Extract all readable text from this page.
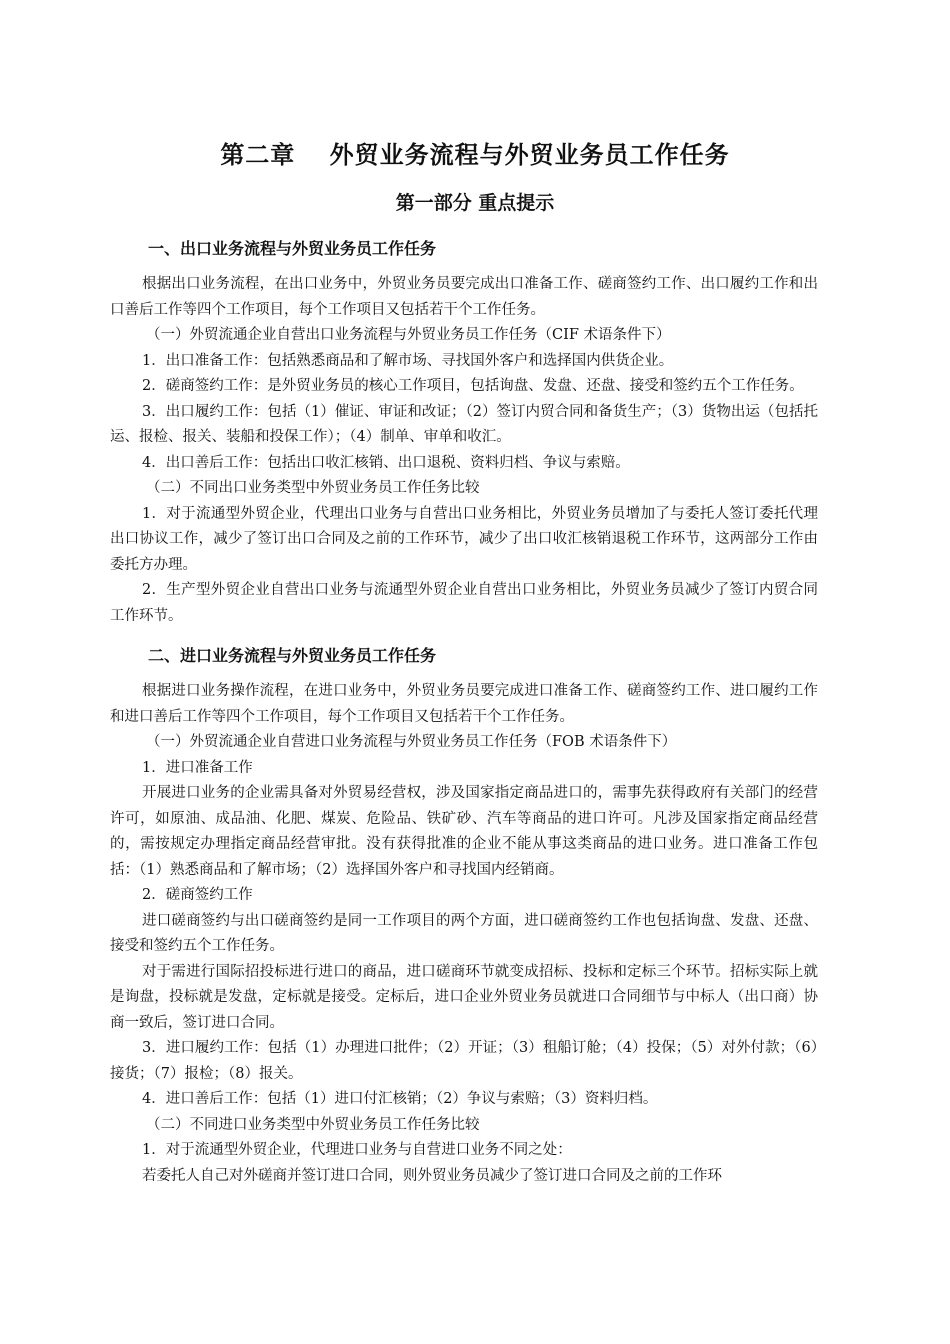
第二章　 外贸业务流程与外贸业务员工作任务
第一部分 重点提示
一、出口业务流程与外贸业务员工作任务

根据出口业务流程，在出口业务中，外贸业务员要完成出口准备工作、磋商签约工作、出口履约工作和出口善后工作等四个工作项目，每个工作项目又包括若干个工作任务。

（一）外贸流通企业自营出口业务流程与外贸业务员工作任务（CIF 术语条件下）

1．出口准备工作：包括熟悉商品和了解市场、寻找国外客户和选择国内供货企业。

2．磋商签约工作：是外贸业务员的核心工作项目，包括询盘、发盘、还盘、接受和签约五个工作任务。

3．出口履约工作：包括（1）催证、审证和改证；（2）签订内贸合同和备货生产；（3）货物出运（包括托运、报检、报关、装船和投保工作）；（4）制单、审单和收汇。

4．出口善后工作：包括出口收汇核销、出口退税、资料归档、争议与索赔。

（二）不同出口业务类型中外贸业务员工作任务比较

1．对于流通型外贸企业，代理出口业务与自营出口业务相比，外贸业务员增加了与委托人签订委托代理出口协议工作，减少了签订出口合同及之前的工作环节，减少了出口收汇核销退税工作环节，这两部分工作由委托方办理。

2．生产型外贸企业自营出口业务与流通型外贸企业自营出口业务相比，外贸业务员减少了签订内贸合同工作环节。

二、进口业务流程与外贸业务员工作任务

根据进口业务操作流程，在进口业务中，外贸业务员要完成进口准备工作、磋商签约工作、进口履约工作和进口善后工作等四个工作项目，每个工作项目又包括若干个工作任务。

（一）外贸流通企业自营进口业务流程与外贸业务员工作任务（FOB 术语条件下）

1．进口准备工作

开展进口业务的企业需具备对外贸易经营权，涉及国家指定商品进口的，需事先获得政府有关部门的经营许可，如原油、成品油、化肥、煤炭、危险品、铁矿砂、汽车等商品的进口许可。凡涉及国家指定商品经营的，需按规定办理指定商品经营审批。没有获得批准的企业不能从事这类商品的进口业务。进口准备工作包括：（1）熟悉商品和了解市场；（2）选择国外客户和寻找国内经销商。

2．磋商签约工作

进口磋商签约与出口磋商签约是同一工作项目的两个方面，进口磋商签约工作也包括询盘、发盘、还盘、接受和签约五个工作任务。

对于需进行国际招投标进行进口的商品，进口磋商环节就变成招标、投标和定标三个环节。招标实际上就是询盘，投标就是发盘，定标就是接受。定标后，进口企业外贸业务员就进口合同细节与中标人（出口商）协商一致后，签订进口合同。

3．进口履约工作：包括（1）办理进口批件；（2）开证；（3）租船订舱；（4）投保；（5）对外付款；（6）接货；（7）报检；（8）报关。

4．进口善后工作：包括（1）进口付汇核销；（2）争议与索赔；（3）资料归档。

（二）不同进口业务类型中外贸业务员工作任务比较

1．对于流通型外贸企业，代理进口业务与自营进口业务不同之处：

若委托人自己对外磋商并签订进口合同，则外贸业务员减少了签订进口合同及之前的工作环
